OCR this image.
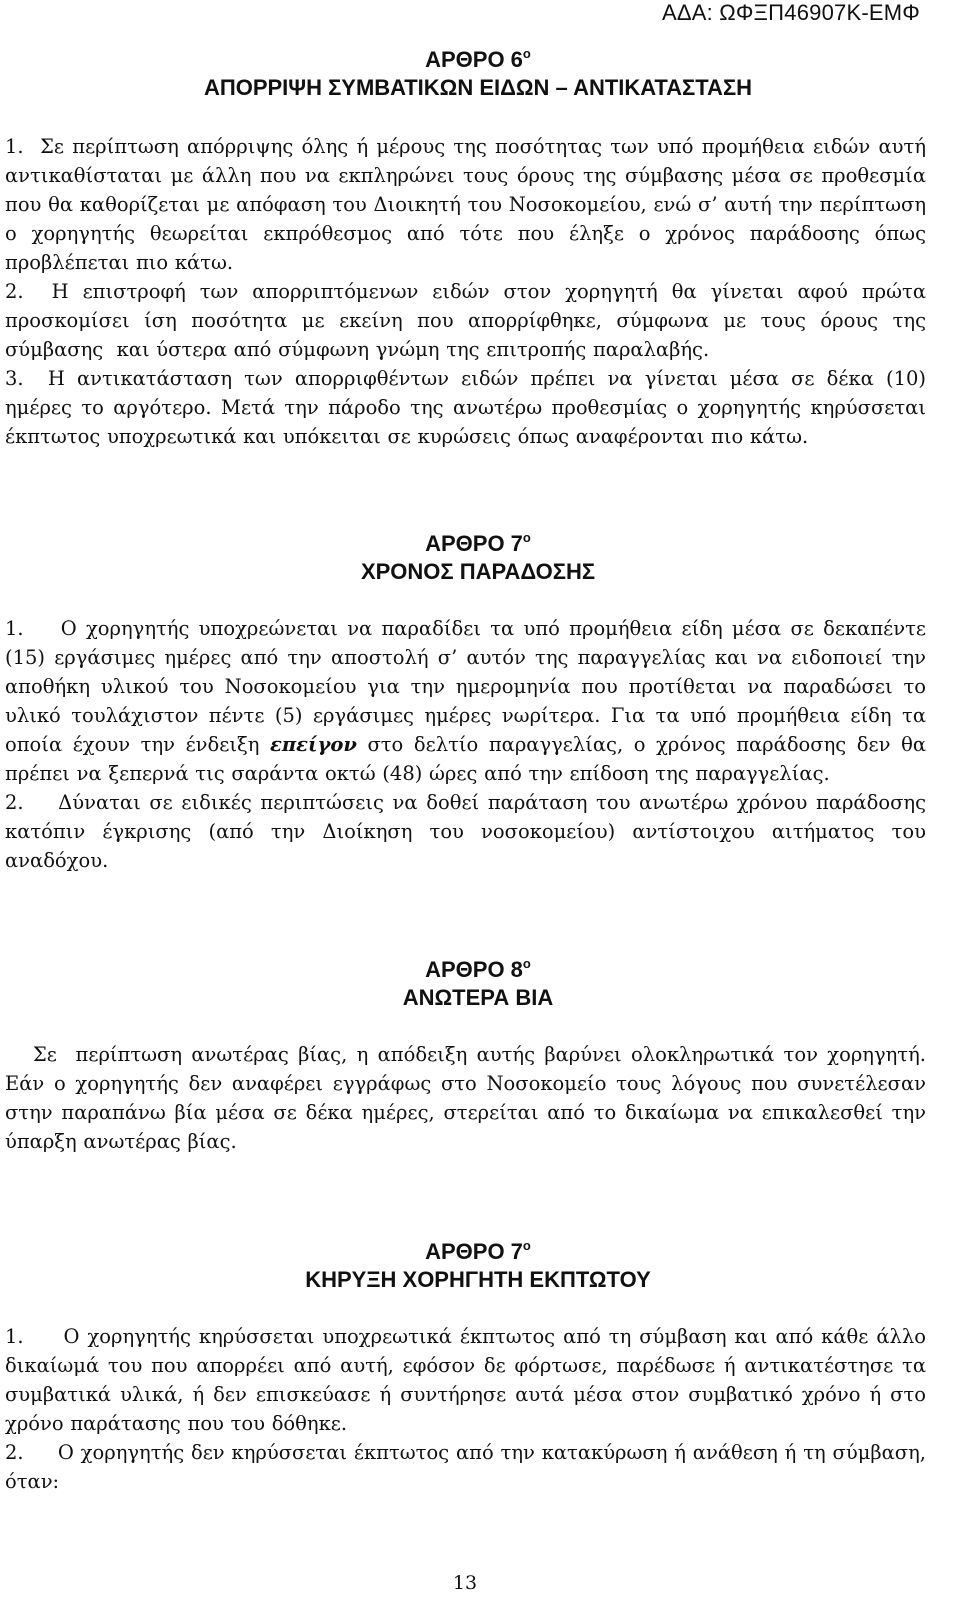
ΑΔΑ: ΩΦΞΠ46907Κ-ΕΜΦ
ΑΡΘΡΟ $6^o$
ΑΠΟΡΡΙΨΗ ΣΥΜΒΑΤΙΚΩΝ ΕΙΔΩΝ – ΑΝΤΙΚΑΤΑΣΤΑΣΗ

1.  Σε περίπτωση απόρριψης όλης ή μέρους της ποσότητας των υπό προμήθεια ειδών αυτή αντικαθίσταται με άλλη που να εκπληρώνει τους όρους της σύμβασης μέσα σε προθεσμία που θα καθορίζεται με απόφαση του Διοικητή του Νοσοκομείου, ενώ σ’ αυτή την περίπτωση ο χορηγητής θεωρείται εκπρόθεσμος από τότε που έληξε ο χρόνος παράδοσης όπως προβλέπεται πιο κάτω.

2.  Η επιστροφή των απορριπτόμενων ειδών στον χορηγητή θα γίνεται αφού πρώτα προσκομίσει ίση ποσότητα με εκείνη που απορρίφθηκε, σύμφωνα με τους όρους της σύμβασης  και ύστερα από σύμφωνη γνώμη της επιτροπής παραλαβής.

3.  Η αντικατάσταση των απορριφθέντων ειδών πρέπει να γίνεται μέσα σε δέκα (10) ημέρες το αργότερο. Μετά την πάροδο της ανωτέρω προθεσμίας ο χορηγητής κηρύσσεται έκπτωτος υποχρεωτικά και υπόκειται σε κυρώσεις όπως αναφέρονται πιο κάτω.

ΑΡΘΡΟ $7^o$
ΧΡΟΝΟΣ ΠΑΡΑΔΟΣΗΣ

1.    Ο χορηγητής υποχρεώνεται να παραδίδει τα υπό προμήθεια είδη μέσα σε δεκαπέντε (15) εργάσιμες ημέρες από την αποστολή σ’ αυτόν της παραγγελίας και να ειδοποιεί την αποθήκη υλικού του Νοσοκομείου για την ημερομηνία που προτίθεται να παραδώσει το υλικό τουλάχιστον πέντε (5) εργάσιμες ημέρες νωρίτερα. Για τα υπό προμήθεια είδη τα οποία έχουν την ένδειξη επείγον στο δελτίο παραγγελίας, ο χρόνος παράδοσης δεν θα πρέπει να ξεπερνά τις σαράντα οκτώ (48) ώρες από την επίδοση της παραγγελίας.

2.    Δύναται σε ειδικές περιπτώσεις να δοθεί παράταση του ανωτέρω χρόνου παράδοσης κατόπιν έγκρισης (από την Διοίκηση του νοσοκομείου) αντίστοιχου αιτήματος του αναδόχου.

ΑΡΘΡΟ $8^o$
ΑΝΩΤΕΡΑ ΒΙΑ

Σε  περίπτωση ανωτέρας βίας, η απόδειξη αυτής βαρύνει ολοκληρωτικά τον χορηγητή. Εάν ο χορηγητής δεν αναφέρει εγγράφως στο Νοσοκομείο τους λόγους που συνετέλεσαν στην παραπάνω βία μέσα σε δέκα ημέρες, στερείται από το δικαίωμα να επικαλεσθεί την ύπαρξη ανωτέρας βίας.

ΑΡΘΡΟ $7^o$
ΚΗΡΥΞΗ ΧΟΡΗΓΗΤΗ ΕΚΠΤΩΤΟΥ

1.     Ο χορηγητής κηρύσσεται υποχρεωτικά έκπτωτος από τη σύμβαση και από κάθε άλλο δικαίωμά του που απορρέει από αυτή, εφόσον δε φόρτωσε, παρέδωσε ή αντικατέστησε τα συμβατικά υλικά, ή δεν επισκεύασε ή συντήρησε αυτά μέσα στον συμβατικό χρόνο ή στο χρόνο παράτασης που του δόθηκε.

2.     Ο χορηγητής δεν κηρύσσεται έκπτωτος από την κατακύρωση ή ανάθεση ή τη σύμβαση, όταν:

13
